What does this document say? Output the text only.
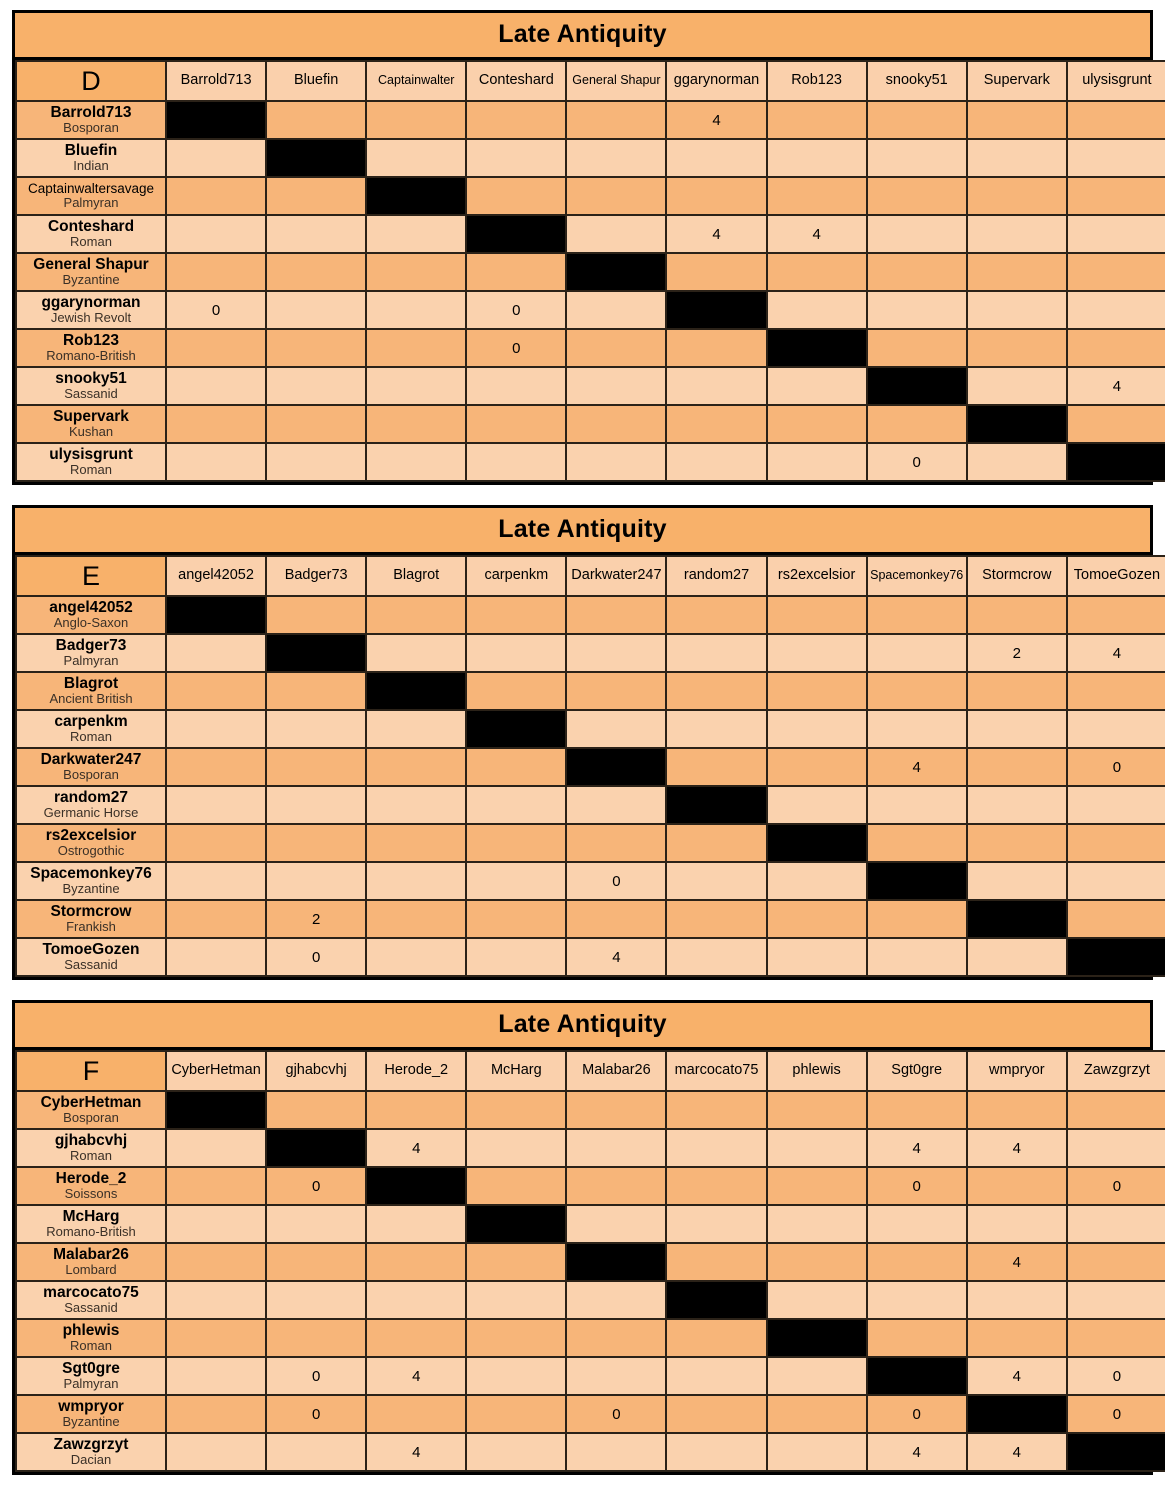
Late Antiquity
D	Barrold713	Bluefin	Captainwalter	Conteshard	General Shapur	ggarynorman	Rob123	snooky51	Supervark	ulysisgrunt

Barrold713
Bosporan						4				

Bluefin
Indian										

Captainwaltersavage
Palmyran										

Conteshard
Roman						4	4			

General Shapur
Byzantine										

ggarynorman
Jewish Revolt	0			0						

Rob123
Romano-British				0						

snooky51
Sassanid										4

Supervark
Kushan										

ulysisgrunt
Roman								0		
Late Antiquity
E	angel42052	Badger73	Blagrot	carpenkm	Darkwater247	random27	rs2excelsior	Spacemonkey76	Stormcrow	TomoeGozen

angel42052
Anglo-Saxon										

Badger73
Palmyran									2	4

Blagrot
Ancient British										

carpenkm
Roman										

Darkwater247
Bosporan								4		0

random27
Germanic Horse										

rs2excelsior
Ostrogothic										

Spacemonkey76
Byzantine					0					

Stormcrow
Frankish		2								

TomoeGozen
Sassanid		0			4					
Late Antiquity
F	CyberHetman	gjhabcvhj	Herode_2	McHarg	Malabar26	marcocato75	phlewis	Sgt0gre	wmpryor	Zawzgrzyt

CyberHetman
Bosporan										

gjhabcvhj
Roman			4					4	4	

Herode_2
Soissons		0						0		0

McHarg
Romano-British										

Malabar26
Lombard									4	

marcocato75
Sassanid										

phlewis
Roman										

Sgt0gre
Palmyran		0	4						4	0

wmpryor
Byzantine		0			0			0		0

Zawzgrzyt
Dacian			4					4	4	
